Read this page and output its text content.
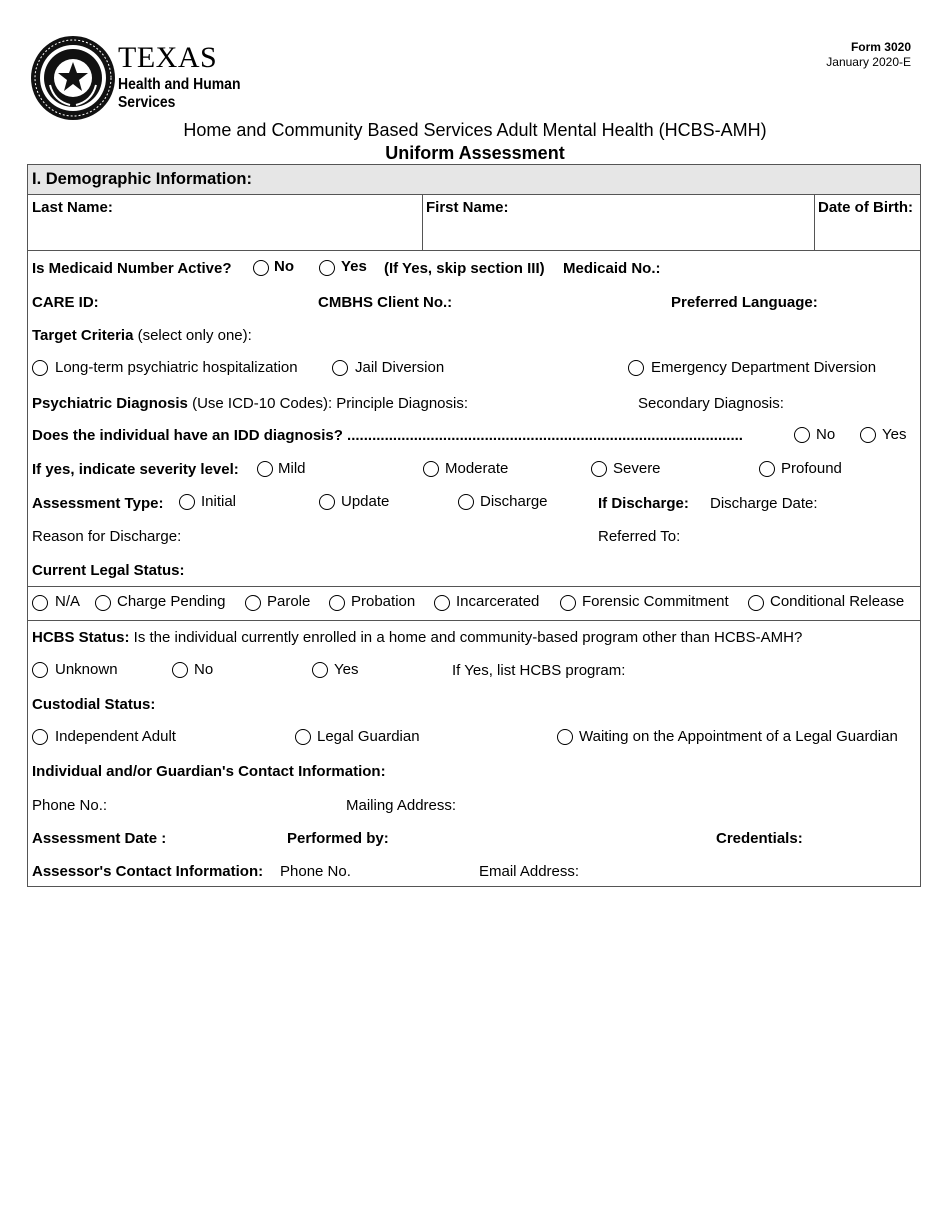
TEXAS
Health and Human
Services
Form 3020
January 2020-E
Home and Community Based Services Adult Mental Health (HCBS-AMH)
Uniform Assessment
I. Demographic Information:
Last Name:	First Name:	Date of Birth:
Is Medicaid Number Active?	No	Yes (If Yes, skip section III) Medicaid No.:
CARE ID:	CMBHS Client No.:	Preferred Language:
Target Criteria (select only one):
Long-term psychiatric hospitalization	Jail Diversion	Emergency Department Diversion
Psychiatric Diagnosis (Use ICD-10 Codes): Principle Diagnosis:	Secondary Diagnosis:
Does the individual have an IDD diagnosis? ...............................................................................................	No	Yes
If yes, indicate severity level:	Mild	Moderate	Severe	Profound
Assessment Type:	Initial	Update	Discharge	If Discharge: Discharge Date:
Reason for Discharge:	Referred To:
Current Legal Status:
N/A Charge Pending	Parole	Probation	Incarcerated	Forensic Commitment	Conditional Release
HCBS Status: Is the individual currently enrolled in a home and community-based program other than HCBS-AMH?
Unknown	No	Yes	If Yes, list HCBS program:
Custodial Status:
Independent Adult	Legal Guardian	Waiting on the Appointment of a Legal Guardian
Individual and/or Guardian's Contact Information:
Phone No.:	Mailing Address:
Assessment Date :	Performed by:	Credentials:
Assessor's Contact Information: Phone No.	Email Address:
